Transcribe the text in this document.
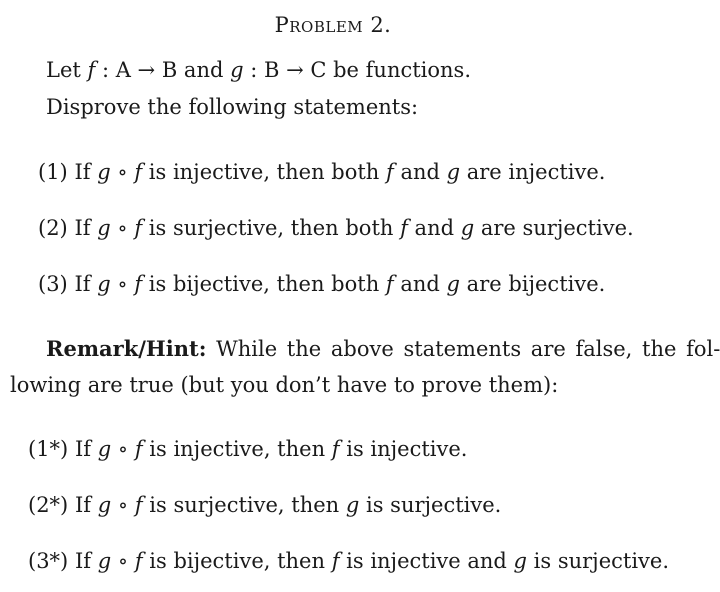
Problem 2.
Let f : A → B and g : B → C be functions.
Disprove the following statements:
(1) If g ∘ f is injective, then both f and g are injective.
(2) If g ∘ f is surjective, then both f and g are surjective.
(3) If g ∘ f is bijective, then both f and g are bijective.
Remark/Hint: While the above statements are false, the fol-
lowing are true (but you don’t have to prove them):
(1*) If g ∘ f is injective, then f is injective.
(2*) If g ∘ f is surjective, then g is surjective.
(3*) If g ∘ f is bijective, then f is injective and g is surjective.
